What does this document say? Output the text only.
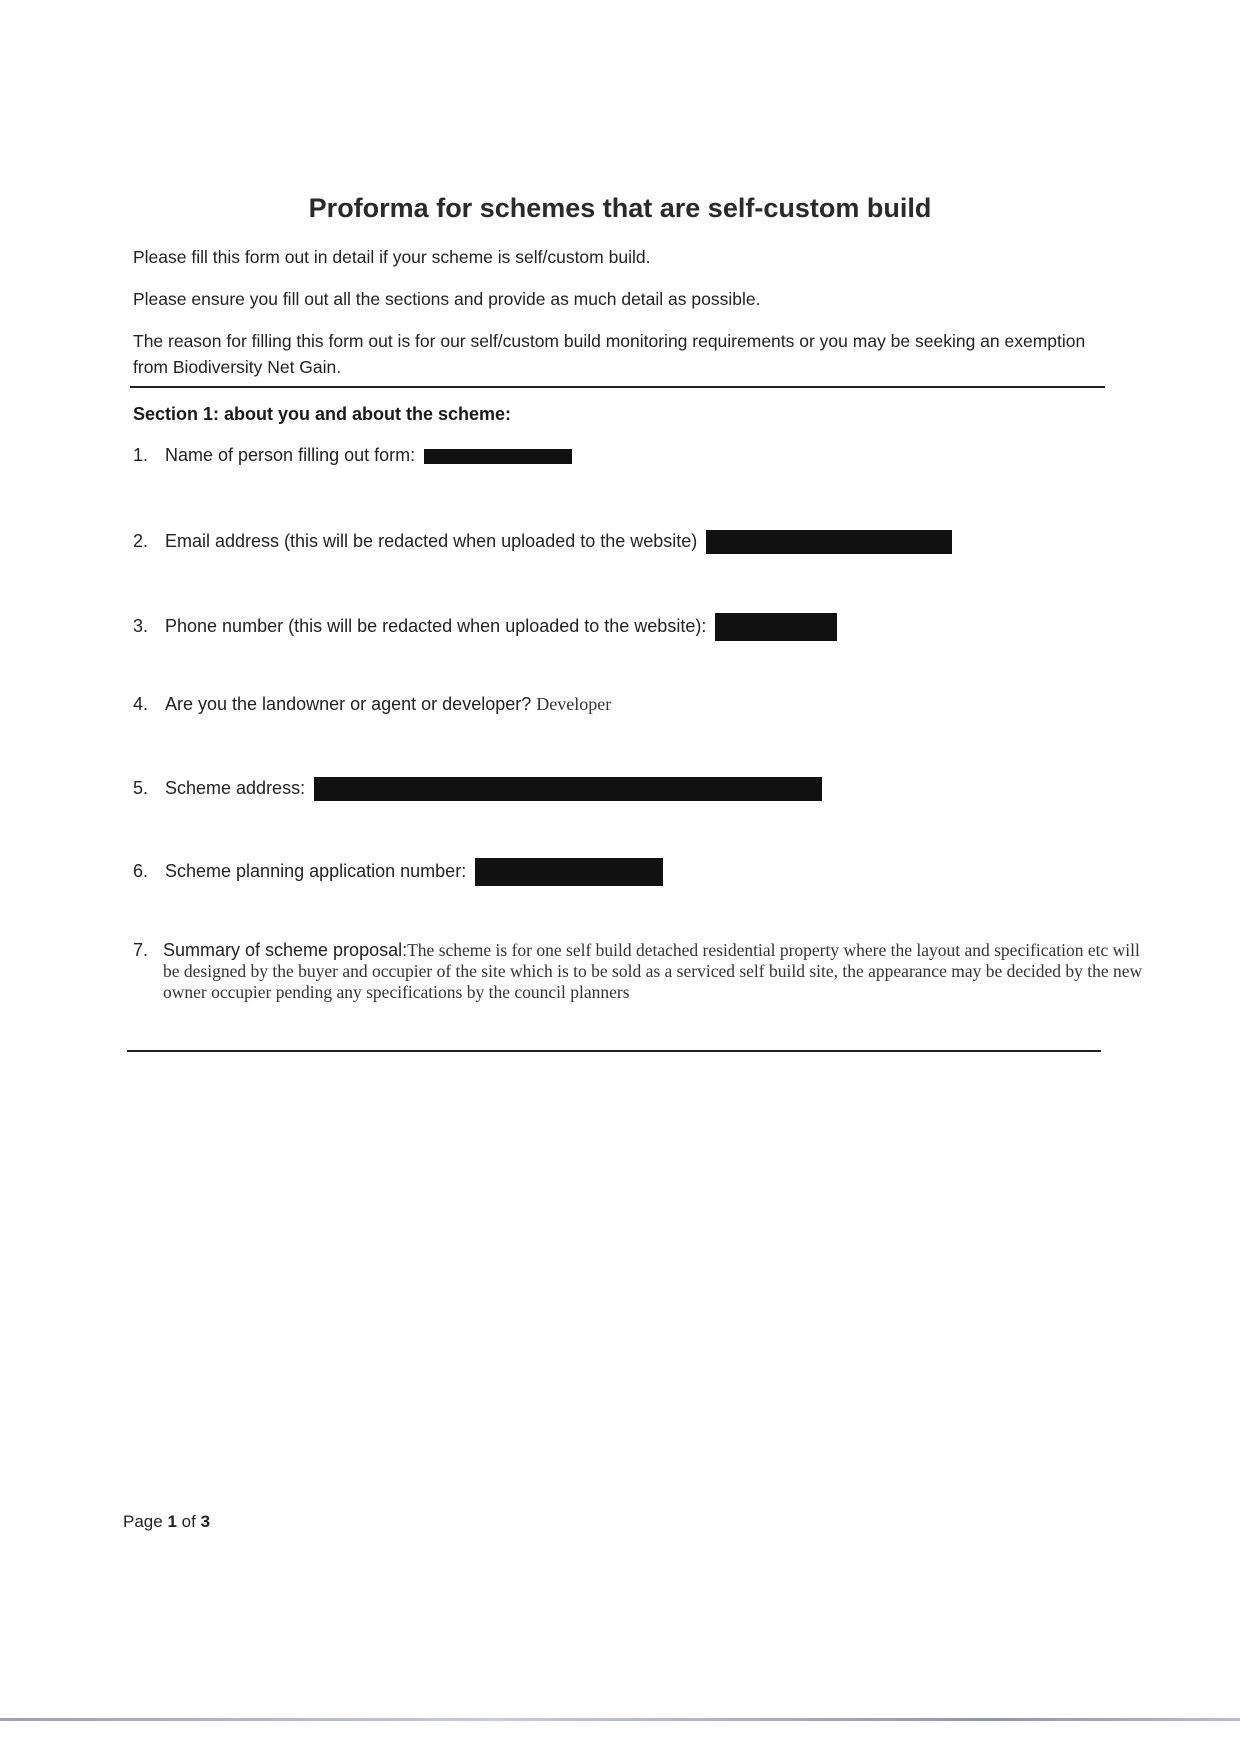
Proforma for schemes that are self-custom build
Please fill this form out in detail if your scheme is self/custom build.
Please ensure you fill out all the sections and provide as much detail as possible.
The reason for filling this form out is for our self/custom build monitoring requirements or you may be seeking an exemption from Biodiversity Net Gain.
Section 1: about you and about the scheme:
1. Name of person filling out form:
2. Email address (this will be redacted when uploaded to the website)
3. Phone number (this will be redacted when uploaded to the website):
4. Are you the landowner or agent or developer? Developer
5. Scheme address:
6. Scheme planning application number:
7. Summary of scheme proposal:The scheme is for one self build detached residential property where the layout and specification etc will be designed by the buyer and occupier of the site which is to be sold as a serviced self build site, the appearance may be decided by the new owner occupier pending any specifications by the council planners
Page 1 of 3
